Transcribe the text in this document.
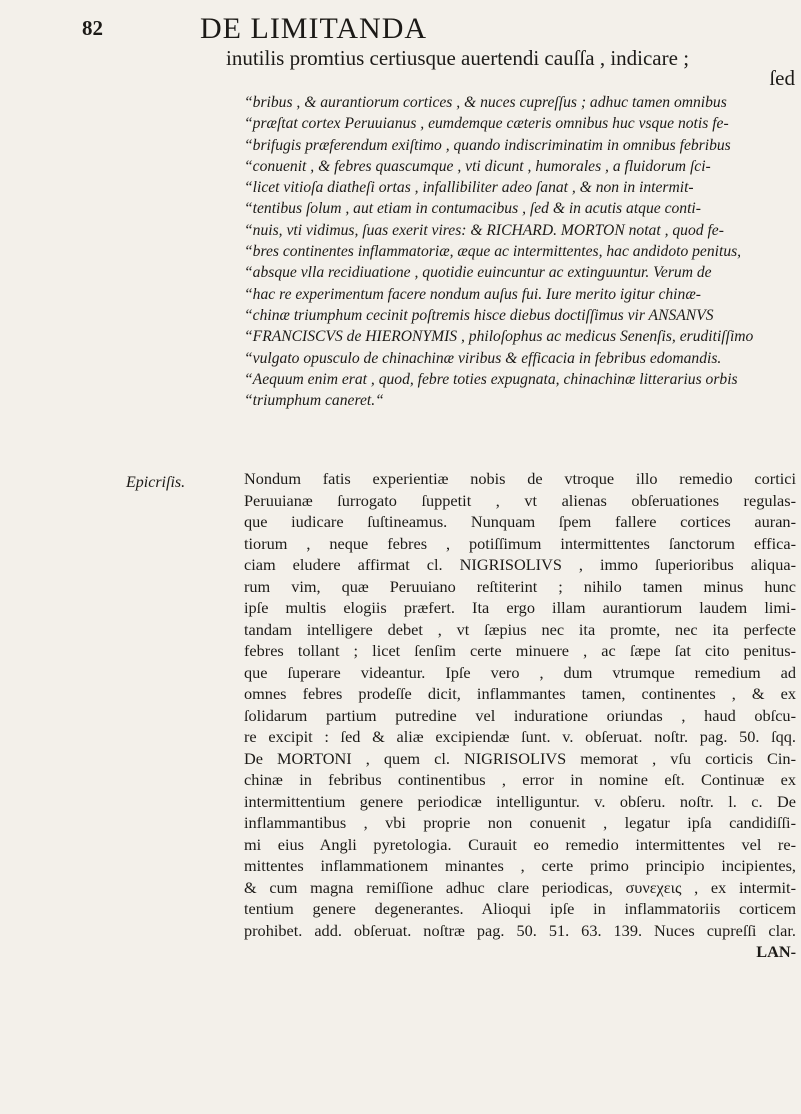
82	DE LIMITANDA
inutilis promtius certiusque auertendi cauſſa , indicare ;
ſed
“bribus , & aurantiorum cortices , & nuces cupreſſus ; adhuc tamen omnibus
“præſtat cortex Peruuianus , eumdemque cæteris omnibus huc vsque notis fe-
“brifugis præferendum exiſtimo , quando indiscriminatim in omnibus febribus
“conuenit , & febres quascumque , vti dicunt , humorales , a fluidorum ſci-
“licet vitioſa diatheſi ortas , infallibiliter adeo ſanat , & non in intermit-
“tentibus ſolum , aut etiam in contumacibus , ſed & in acutis atque conti-
“nuis, vti vidimus, ſuas exerit vires: & RICHARD. MORTON notat , quod fe-
“bres continentes inflammatoriæ, æque ac intermittentes, hac andidoto penitus,
“absque vlla recidiuatione , quotidie euincuntur ac extinguuntur. Verum de
“hac re experimentum facere nondum auſus fui. Iure merito igitur chinæ-
“chinæ triumphum cecinit poſtremis hisce diebus doctiſſimus vir ANSANVS
“FRANCISCVS de HIERONYMIS , philoſophus ac medicus Senenſis, eruditiſſimo
“vulgato opusculo de chinachinæ viribus & efficacia in febribus edomandis.
“Aequum enim erat , quod, febre toties expugnata, chinachinæ litterarius orbis
“triumphum caneret.“
Epicriſis.	Nondum fatis experientiæ nobis de vtroque illo remedio cortici
Peruuianæ ſurrogato ſuppetit , vt alienas obſeruationes regulas-
que iudicare ſuſtineamus. Nunquam ſpem fallere cortices auran-
tiorum , neque febres , potiſſimum intermittentes ſanctorum effica-
ciam eludere affirmat cl. NIGRISOLIVS , immo ſuperioribus aliqua-
rum vim, quæ Peruuiano reſtiterint ; nihilo tamen minus hunc
ipſe multis elogiis præfert. Ita ergo illam aurantiorum laudem limi-
tandam intelligere debet , vt ſæpius nec ita promte, nec ita perfecte
febres tollant ; licet ſenſim certe minuere , ac ſæpe ſat cito penitus-
que ſuperare videantur. Ipſe vero , dum vtrumque remedium ad
omnes febres prodeſſe dicit, inflammantes tamen, continentes , & ex
ſolidarum partium putredine vel induratione oriundas , haud obſcu-
re excipit : ſed & aliæ excipiendæ ſunt. v. obſeruat. noſtr. pag. 50. ſqq.
De MORTONI , quem cl. NIGRISOLIVS memorat , vſu corticis Cin-
chinæ in febribus continentibus , error in nomine eſt. Continuæ ex
intermittentium genere periodicæ intelliguntur. v. obſeru. noſtr. l. c. De
inflammantibus , vbi proprie non conuenit , legatur ipſa candidiſſi-
mi eius Angli pyretologia. Curauit eo remedio intermittentes vel re-
mittentes inflammationem minantes , certe primo principio incipientes,
& cum magna remiſſione adhuc clare periodicas, συνεχεις , ex intermit-
tentium genere degenerantes. Alioqui ipſe in inflammatoriis corticem
prohibet. add. obſeruat. noſtræ pag. 50. 51. 63. 139. Nuces cupreſſi clar.
LAN-
